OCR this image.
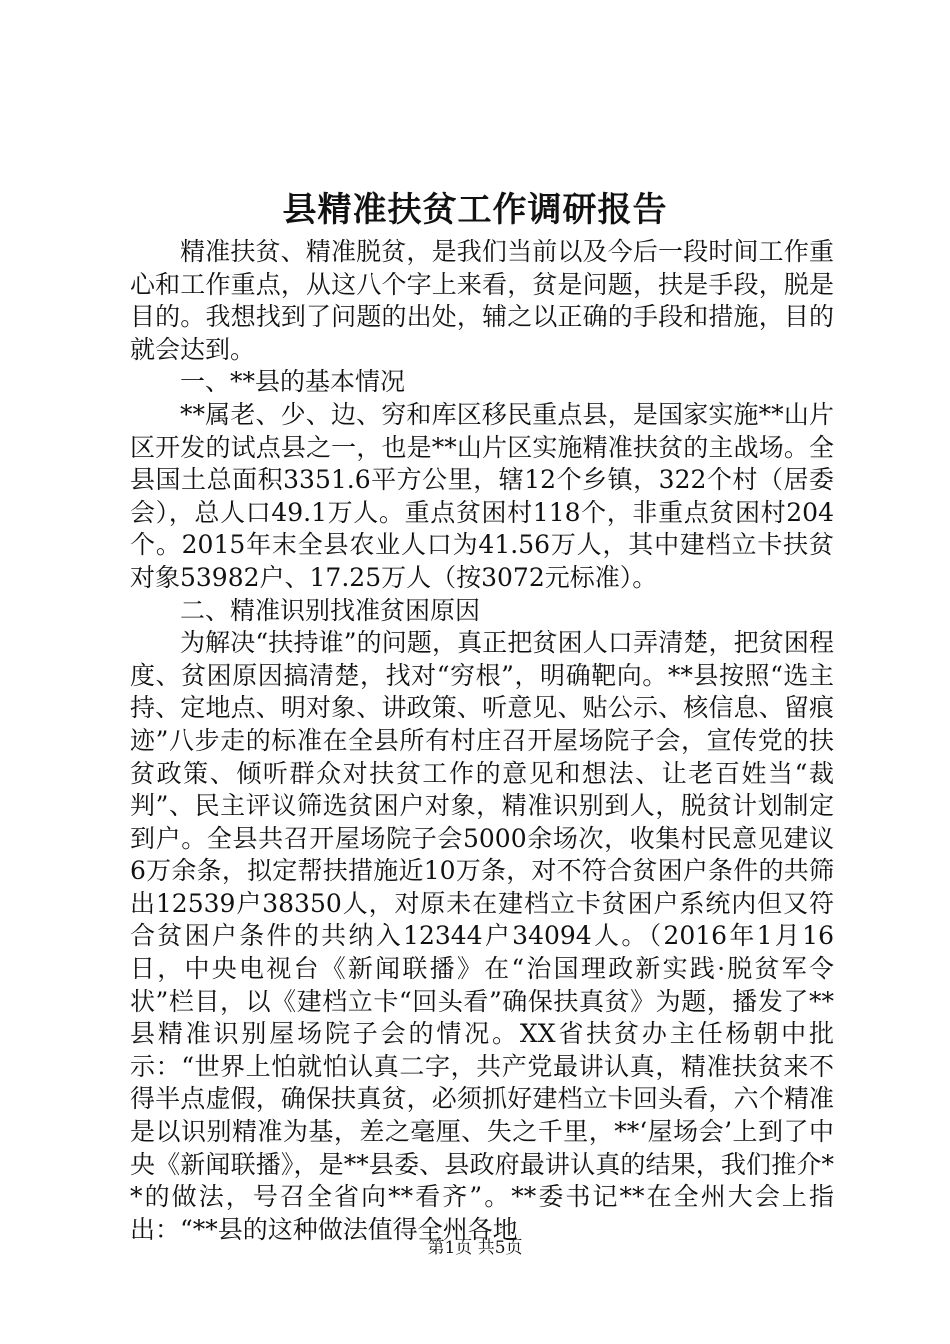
县精准扶贫工作调研报告

精准扶贫、精准脱贫，是我们当前以及今后一段时间工作重心和工作重点，从这八个字上来看，贫是问题，扶是手段，脱是目的。我想找到了问题的出处，辅之以正确的手段和措施，目的就会达到。

一、**县的基本情况

**属老、少、边、穷和库区移民重点县，是国家实施**山片区开发的试点县之一，也是**山片区实施精准扶贫的主战场。全县国土总面积3351.6平方公里，辖12个乡镇，322个村（居委会），总人口49.1万人。重点贫困村118个，非重点贫困村204个。2015年末全县农业人口为41.56万人，其中建档立卡扶贫对象53982户、17.25万人（按3072元标准）。

二、精准识别找准贫困原因

为解决“扶持谁”的问题，真正把贫困人口弄清楚，把贫困程度、贫困原因搞清楚，找对“穷根”，明确靶向。**县按照“选主持、定地点、明对象、讲政策、听意见、贴公示、核信息、留痕迹”八步走的标准在全县所有村庄召开屋场院子会，宣传党的扶贫政策、倾听群众对扶贫工作的意见和想法、让老百姓当“裁判”、民主评议筛选贫困户对象，精准识别到人，脱贫计划制定到户。全县共召开屋场院子会5000余场次，收集村民意见建议6万余条，拟定帮扶措施近10万条，对不符合贫困户条件的共筛出12539户38350人，对原未在建档立卡贫困户系统内但又符合贫困户条件的共纳入12344户34094人。（2016年1月16日，中央电视台《新闻联播》在“治国理政新实践·脱贫军令状”栏目，以《建档立卡“回头看”确保扶真贫》为题，播发了**县精准识别屋场院子会的情况。XX省扶贫办主任杨朝中批示：“世界上怕就怕认真二字，共产党最讲认真，精准扶贫来不得半点虚假，确保扶真贫，必须抓好建档立卡回头看，六个精准是以识别精准为基，差之毫厘、失之千里，**‘屋场会’上到了中央《新闻联播》，是**县委、县政府最讲认真的结果，我们推介**的做法，号召全省向**看齐”。**委书记**在全州大会上指出：“**县的这种做法值得全州各地

第1页 共5页
